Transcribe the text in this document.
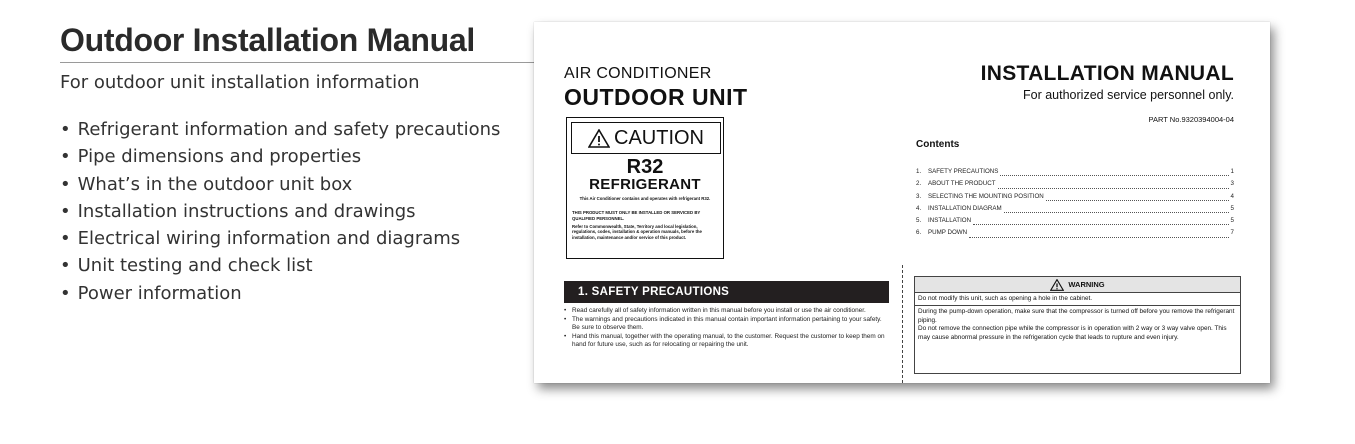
Outdoor Installation Manual
For outdoor unit installation information
• Refrigerant information and safety precautions
• Pipe dimensions and properties
• What’s in the outdoor unit box
• Installation instructions and drawings
• Electrical wiring information and diagrams
• Unit testing and check list
• Power information
AIR CONDITIONER
OUTDOOR UNIT
CAUTION
R32
REFRIGERANT
This Air Conditioner contains and operates with refrigerant R32.
THIS PRODUCT MUST ONLY BE INSTALLED OR SERVICED BY QUALIFIED PERSONNEL.
Refer to Commonwealth, State, Territory and local legislation, regulations, codes, installation & operation manuals, before the installation, maintenance and/or service of this product.
INSTALLATION MANUAL
For authorized service personnel only.
PART No.9320394004-04
Contents
1.	SAFETY PRECAUTIONS	1
2.	ABOUT THE PRODUCT	3
3.	SELECTING THE MOUNTING POSITION	4
4.	INSTALLATION DIAGRAM	5
5.	INSTALLATION	5
6.	PUMP DOWN	7
1. SAFETY PRECAUTIONS
• Read carefully all of safety information written in this manual before you install or use the air conditioner.
• The warnings and precautions indicated in this manual contain important information pertaining to your safety. Be sure to observe them.
• Hand this manual, together with the operating manual, to the customer. Request the customer to keep them on hand for future use, such as for relocating or repairing the unit.
WARNING
Do not modify this unit, such as opening a hole in the cabinet.
During the pump-down operation, make sure that the compressor is turned off before you remove the refrigerant piping.
Do not remove the connection pipe while the compressor is in operation with 2 way or 3 way valve open. This may cause abnormal pressure in the refrigeration cycle that leads to rupture and even injury.
